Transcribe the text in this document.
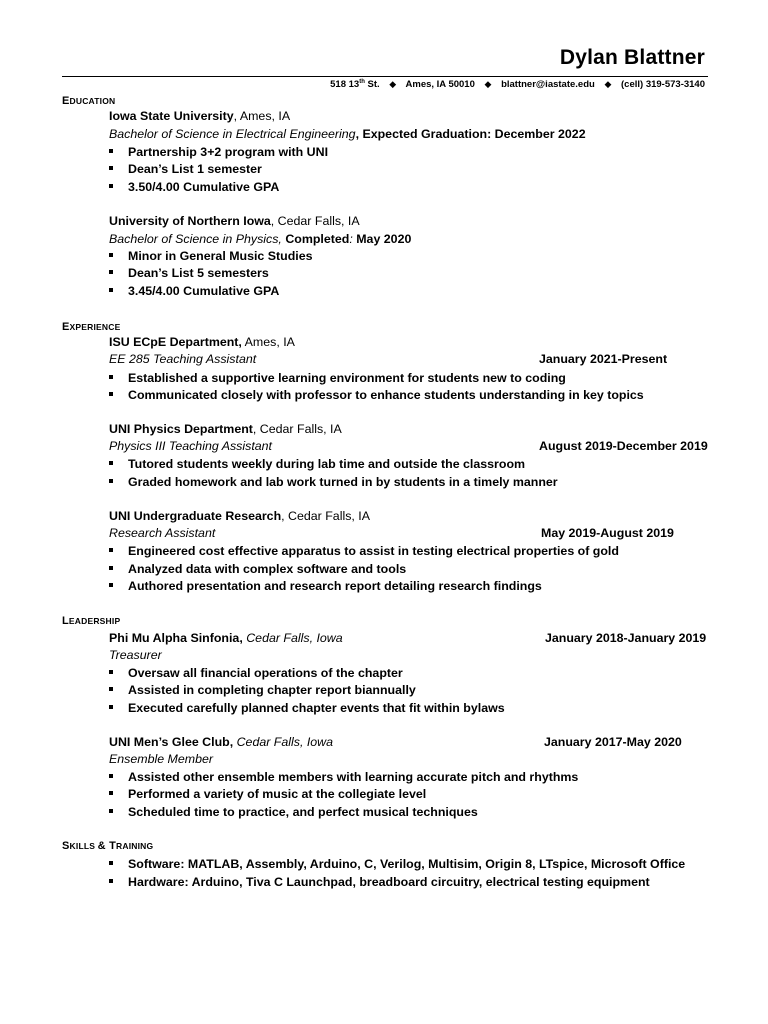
Dylan Blattner
518 13th St. ◆ Ames, IA 50010 ◆ blattner@iastate.edu ◆ (cell) 319-573-3140
EDUCATION
Iowa State University, Ames, IA
Bachelor of Science in Electrical Engineering, Expected Graduation: December 2022
Partnership 3+2 program with UNI
Dean’s List 1 semester
3.50/4.00 Cumulative GPA
University of Northern Iowa, Cedar Falls, IA
Bachelor of Science in Physics, Completed: May 2020
Minor in General Music Studies
Dean’s List 5 semesters
3.45/4.00 Cumulative GPA
EXPERIENCE
ISU ECpE Department, Ames, IA
EE 285 Teaching Assistant	January 2021-Present
Established a supportive learning environment for students new to coding
Communicated closely with professor to enhance students understanding in key topics
UNI Physics Department, Cedar Falls, IA
Physics III Teaching Assistant	August 2019-December 2019
Tutored students weekly during lab time and outside the classroom
Graded homework and lab work turned in by students in a timely manner
UNI Undergraduate Research, Cedar Falls, IA
Research Assistant	May 2019-August 2019
Engineered cost effective apparatus to assist in testing electrical properties of gold
Analyzed data with complex software and tools
Authored presentation and research report detailing research findings
LEADERSHIP
Phi Mu Alpha Sinfonia, Cedar Falls, Iowa	January 2018-January 2019
Treasurer
Oversaw all financial operations of the chapter
Assisted in completing chapter report biannually
Executed carefully planned chapter events that fit within bylaws
UNI Men’s Glee Club, Cedar Falls, Iowa	January 2017-May 2020
Ensemble Member
Assisted other ensemble members with learning accurate pitch and rhythms
Performed a variety of music at the collegiate level
Scheduled time to practice, and perfect musical techniques
SKILLS & TRAINING
Software: MATLAB, Assembly, Arduino, C, Verilog, Multisim, Origin 8, LTspice, Microsoft Office
Hardware: Arduino, Tiva C Launchpad, breadboard circuitry, electrical testing equipment
